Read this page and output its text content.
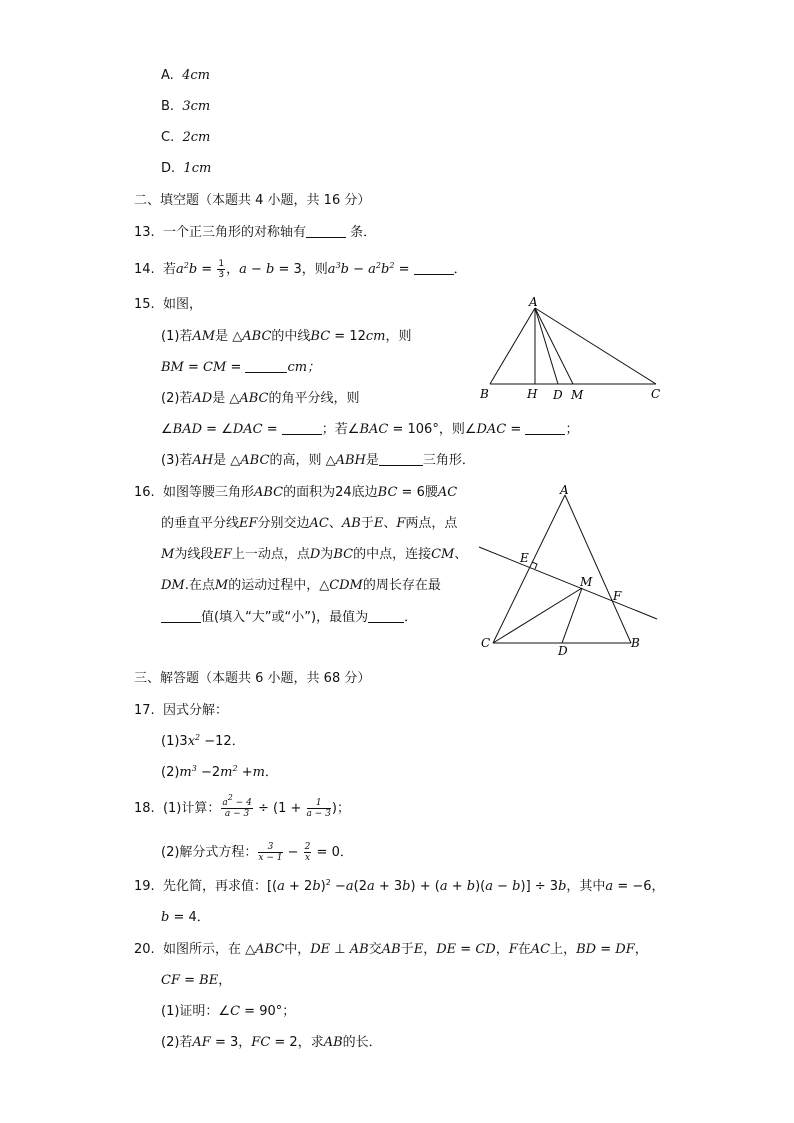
A. 4cm
B. 3cm
C. 2cm
D. 1cm
二、填空题（本题共 4 小题，共 16 分）
13. 一个正三角形的对称轴有	条．
14. 若$a^2b = \frac{1}{3}$ ，a − b = 3，则$a^3b - a^2b^2$ =	．
15. 如图，
(1)若AM是 △ABC的中线BC = 12cm，则
BM = CM =	cm；
(2)若AD是 △ABC的角平分线，则
∠BAD = ∠DAC =	；若∠BAC = 106°，则∠DAC =	；
(3)若AH是 △ABC的高，则 △ABH是	三角形．
A
B	H D M	C
16. 如图等腰三角形ABC的面积为24底边BC = 6腰AC
的垂直平分线EF分别交边AC、AB于E、F两点，点
M为线段EF上一动点，点D为BC的中点，连接CM、
DM.在点M的运动过程中，△CDM的周长存在最
值(填入“大”或“小”)，最值为	．
A
E
M
F
C
D
B
三、解答题（本题共 6 小题，共 68 分）
17. 因式分解：
$(1)3x^2 -12$．
$(2)m^3 -2m^2 +m$．
18. (1)计算： $\frac{a^2 - 4}{a - 3} \div (1 + \frac{1}{a - 3}$ )；
(2)解分式方程： $\frac{3}{x - 1} - \frac{2}{x} = 0$．
19. 先化简，再求值：$[(a + 2b)^2 -a(2a + 3b) + (a + b)(a - b)] \div 3b$，其中a = −6，
b = 4．
20. 如图所示，在 △ABC中，DE ⊥ AB交AB于E，DE = CD，F在AC上，BD = DF，
CF = BE，
(1)证明：∠C = 90°；
(2)若AF = 3，FC = 2，求AB的长．
